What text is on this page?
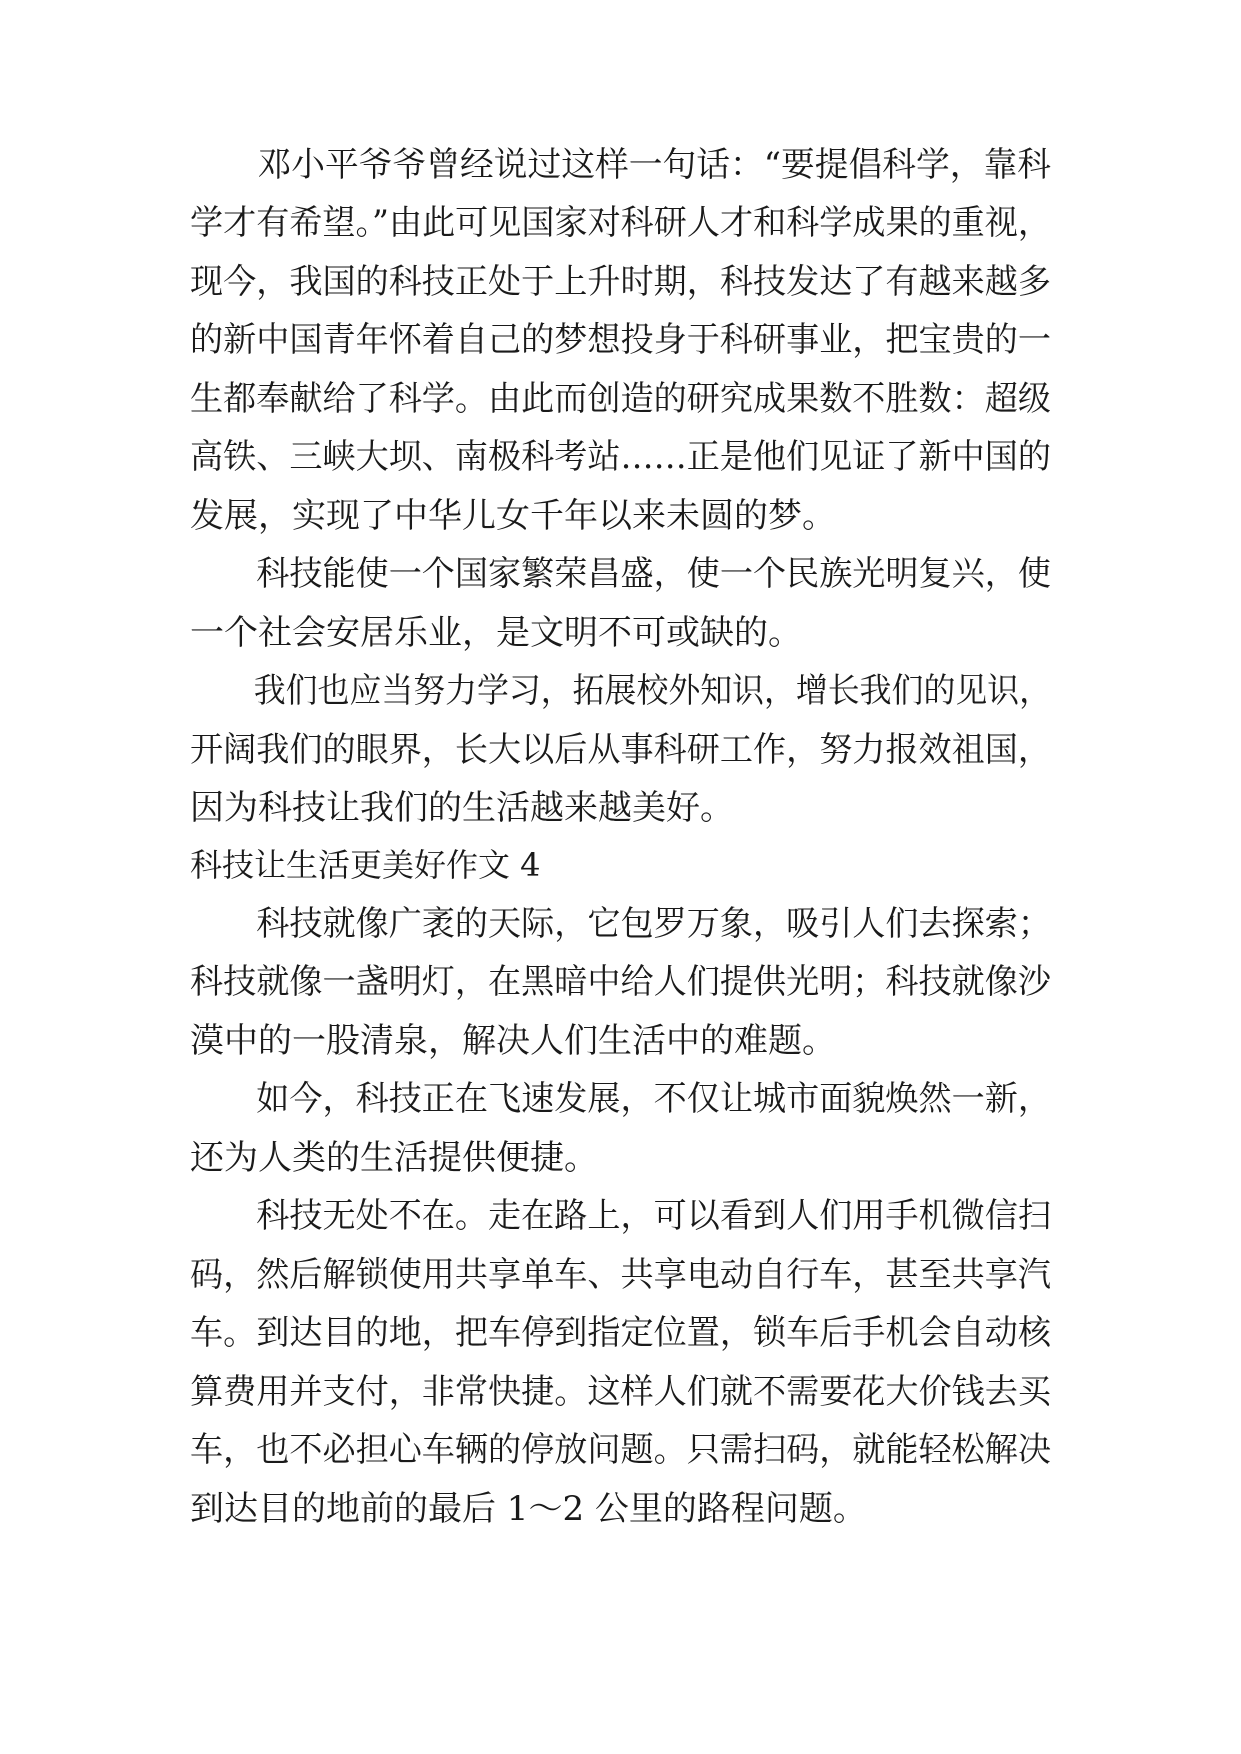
　　邓小平爷爷曾经说过这样一句话：“要提倡科学，靠科
学才有希望。”由此可见国家对科研人才和科学成果的重视，
现今，我国的科技正处于上升时期，科技发达了有越来越多
的新中国青年怀着自己的梦想投身于科研事业，把宝贵的一
生都奉献给了科学。由此而创造的研究成果数不胜数：超级
高铁、三峡大坝、南极科考站……正是他们见证了新中国的
发展，实现了中华儿女千年以来未圆的梦。
　　科技能使一个国家繁荣昌盛，使一个民族光明复兴，使
一个社会安居乐业，是文明不可或缺的。
　　我们也应当努力学习，拓展校外知识，增长我们的见识，
开阔我们的眼界，长大以后从事科研工作，努力报效祖国，
因为科技让我们的生活越来越美好。
科技让生活更美好作文 4
　　科技就像广袤的天际，它包罗万象，吸引人们去探索；
科技就像一盏明灯，在黑暗中给人们提供光明；科技就像沙
漠中的一股清泉，解决人们生活中的难题。
　　如今，科技正在飞速发展，不仅让城市面貌焕然一新，
还为人类的生活提供便捷。
　　科技无处不在。走在路上，可以看到人们用手机微信扫
码，然后解锁使用共享单车、共享电动自行车，甚至共享汽
车。到达目的地，把车停到指定位置，锁车后手机会自动核
算费用并支付，非常快捷。这样人们就不需要花大价钱去买
车，也不必担心车辆的停放问题。只需扫码，就能轻松解决
到达目的地前的最后 1～2 公里的路程问题。
